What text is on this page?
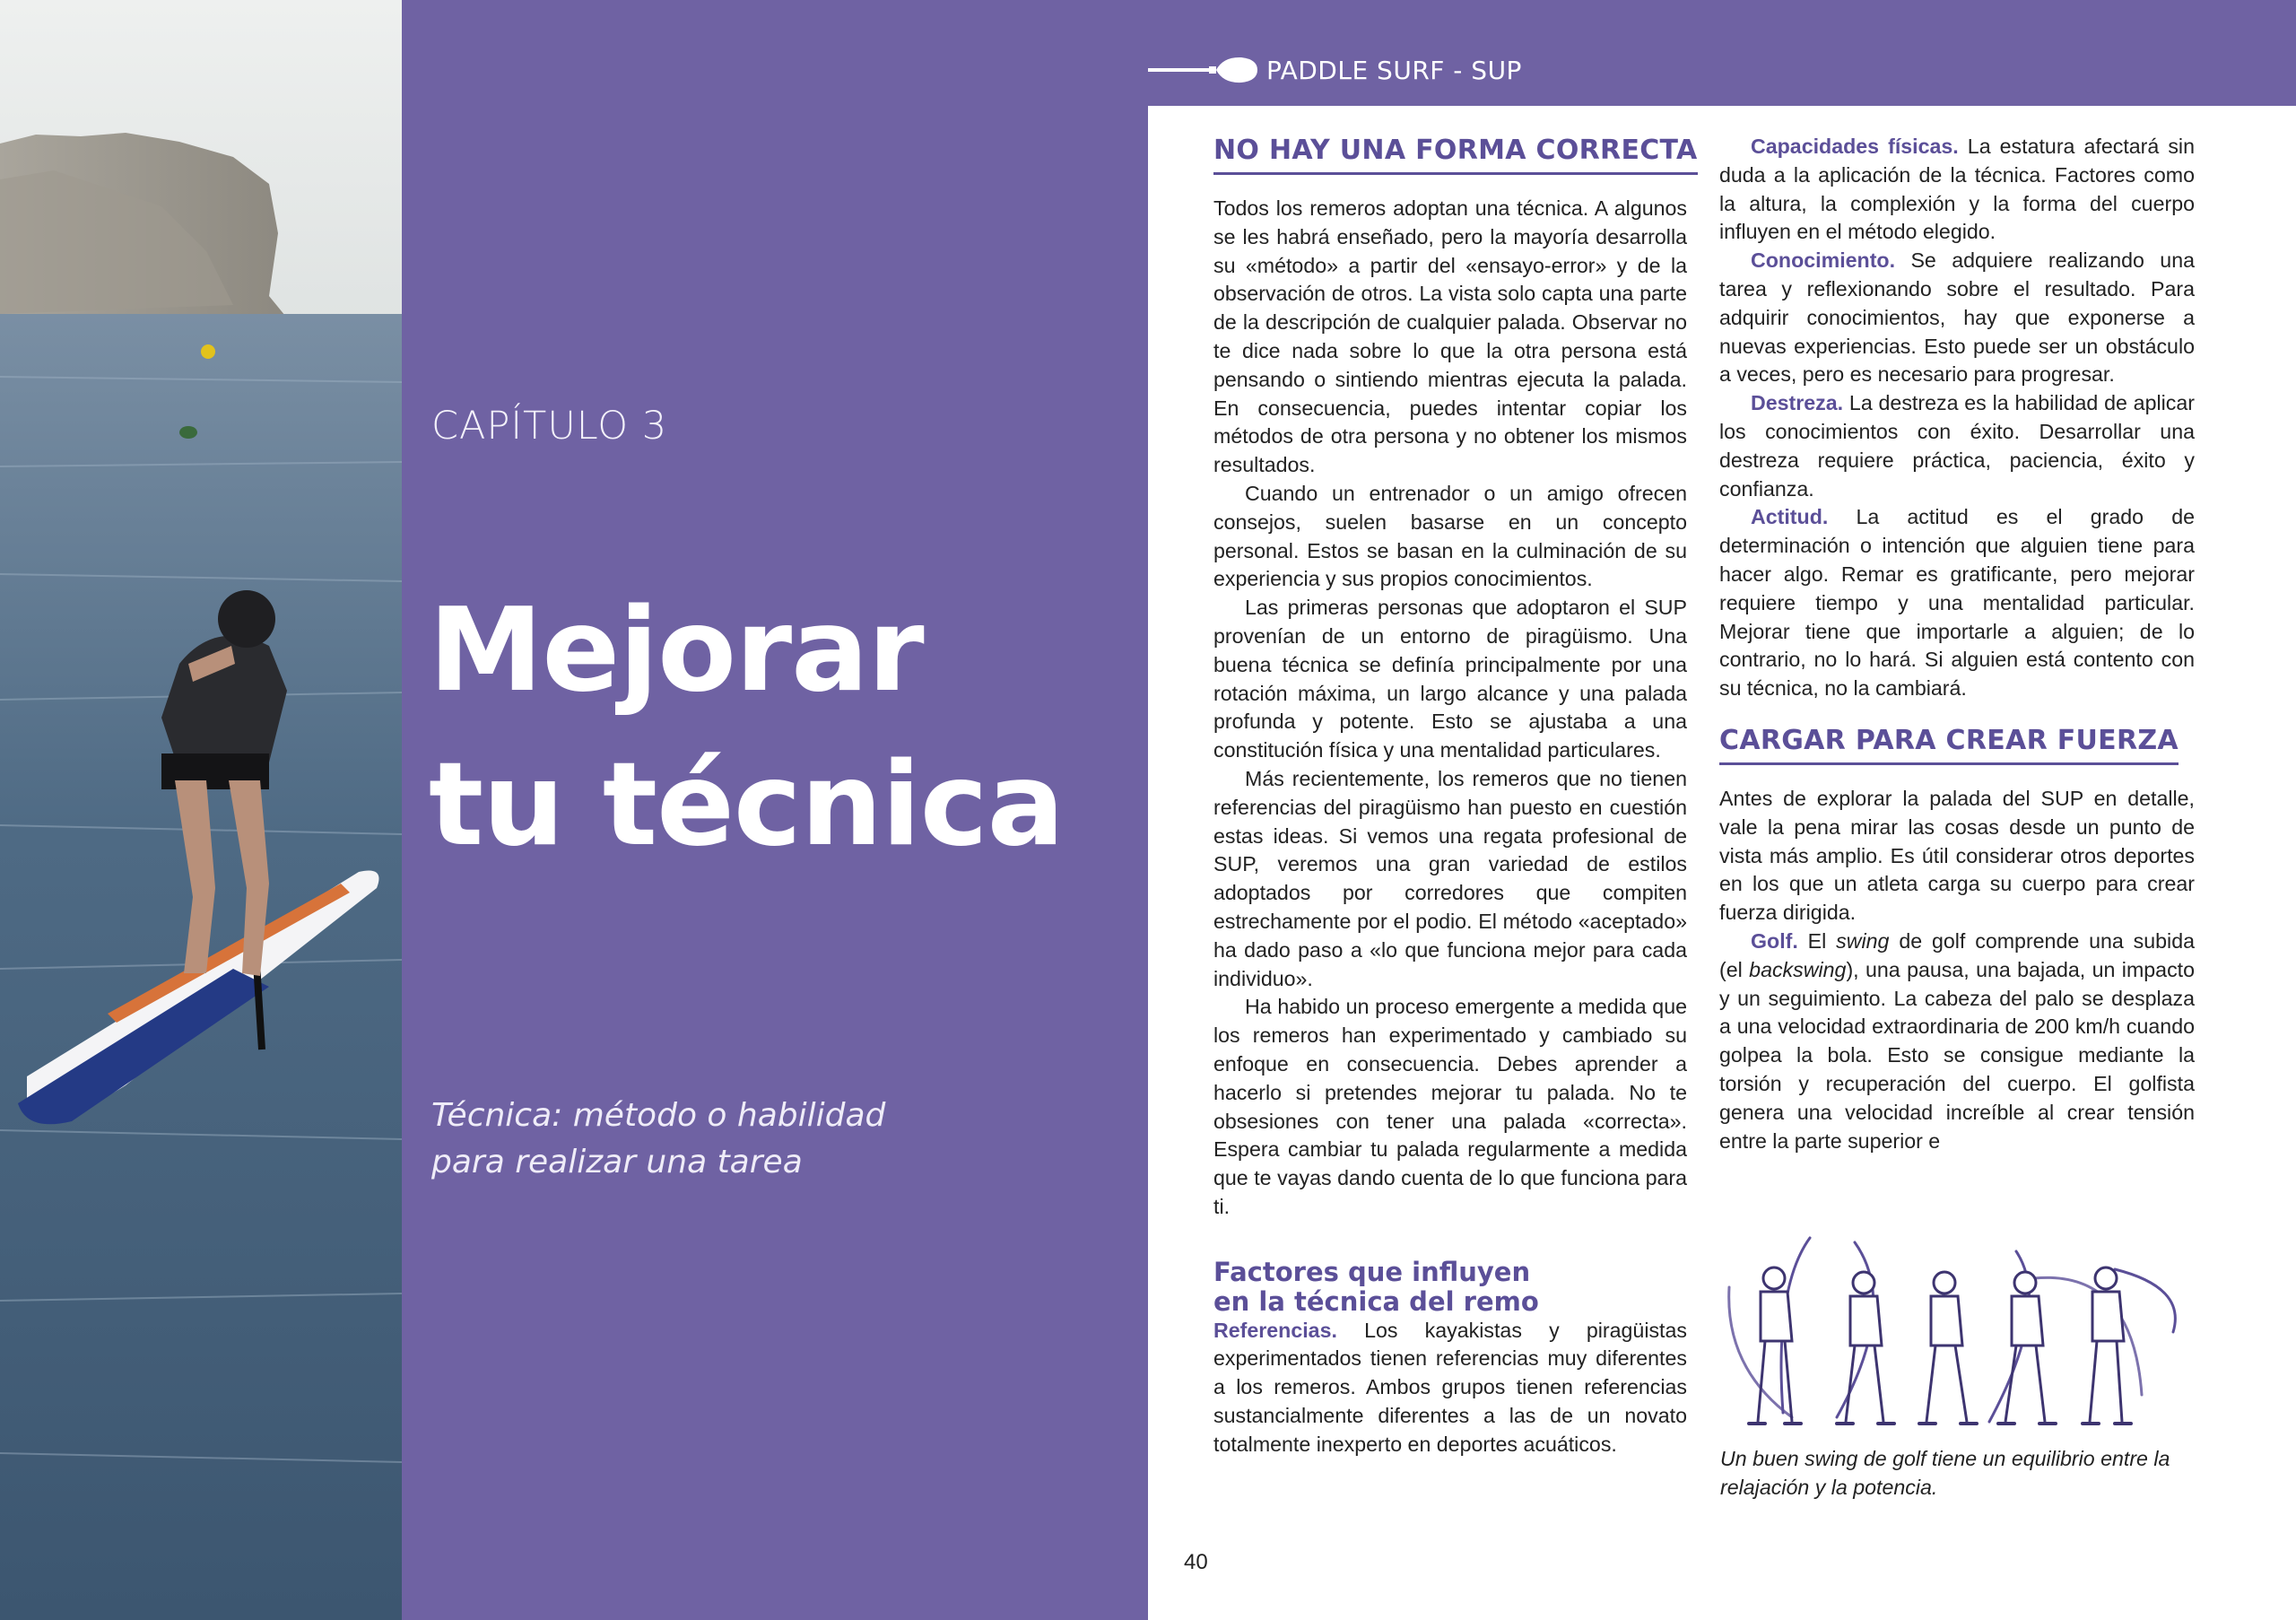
CAPÍTULO 3
Mejorar
tu técnica
Técnica: método o habilidad
para realizar una tarea
PADDLE SURF - SUP
NO HAY UNA FORMA CORRECTA

Todos los remeros adoptan una técnica. A algunos se les habrá enseñado, pero la mayoría desarrolla su «método» a partir del «ensayo-error» y de la observación de otros. La vista solo capta una parte de la descripción de cualquier palada. Observar no te dice nada sobre lo que la otra persona está pensando o sintiendo mientras ejecuta la palada. En consecuencia, puedes intentar copiar los métodos de otra persona y no obtener los mismos resultados.

Cuando un entrenador o un amigo ofrecen consejos, suelen basarse en un concepto personal. Estos se basan en la culminación de su experiencia y sus propios conocimientos.

Las primeras personas que adoptaron el SUP provenían de un entorno de piragüismo. Una buena técnica se definía principalmente por una rotación máxima, un largo alcance y una palada profunda y potente. Esto se ajustaba a una constitución física y una mentalidad particulares.

Más recientemente, los remeros que no tienen referencias del piragüismo han puesto en cuestión estas ideas. Si vemos una regata profesional de SUP, veremos una gran variedad de estilos adoptados por corredores que compiten estrechamente por el podio. El método «aceptado» ha dado paso a «lo que funciona mejor para cada individuo».

Ha habido un proceso emergente a medida que los remeros han experimentado y cambiado su enfoque en consecuencia. Debes aprender a hacerlo si pretendes mejorar tu palada. No te obsesiones con tener una palada «correcta». Espera cambiar tu palada regularmente a medida que te vayas dando cuenta de lo que funciona para ti.

Factores que influyen
en la técnica del remo

Referencias. Los kayakistas y piragüistas experimentados tienen referencias muy diferentes a los remeros. Ambos grupos tienen referencias sustancialmente diferentes a las de un novato totalmente inexperto en deportes acuáticos.

Capacidades físicas. La estatura afectará sin duda a la aplicación de la técnica. Factores como la altura, la complexión y la forma del cuerpo influyen en el método elegido.

Conocimiento. Se adquiere realizando una tarea y reflexionando sobre el resultado. Para adquirir conocimientos, hay que exponerse a nuevas experiencias. Esto puede ser un obstáculo a veces, pero es necesario para progresar.

Destreza. La destreza es la habilidad de aplicar los conocimientos con éxito. Desarrollar una destreza requiere práctica, paciencia, éxito y confianza.

Actitud. La actitud es el grado de determinación o intención que alguien tiene para hacer algo. Remar es gratificante, pero mejorar requiere tiempo y una mentalidad particular. Mejorar tiene que importarle a alguien; de lo contrario, no lo hará. Si alguien está contento con su técnica, no la cambiará.

CARGAR PARA CREAR FUERZA

Antes de explorar la palada del SUP en detalle, vale la pena mirar las cosas desde un punto de vista más amplio. Es útil considerar otros deportes en los que un atleta carga su cuerpo para crear fuerza dirigida.

Golf. El swing de golf comprende una subida (el backswing), una pausa, una bajada, un impacto y un seguimiento. La cabeza del palo se desplaza a una velocidad extraordinaria de 200 km/h cuando golpea la bola. Esto se consigue mediante la torsión y recuperación del cuerpo. El golfista genera una velocidad increíble al crear tensión entre la parte superior e

Un buen swing de golf tiene un equilibrio entre la relajación y la potencia.
40
